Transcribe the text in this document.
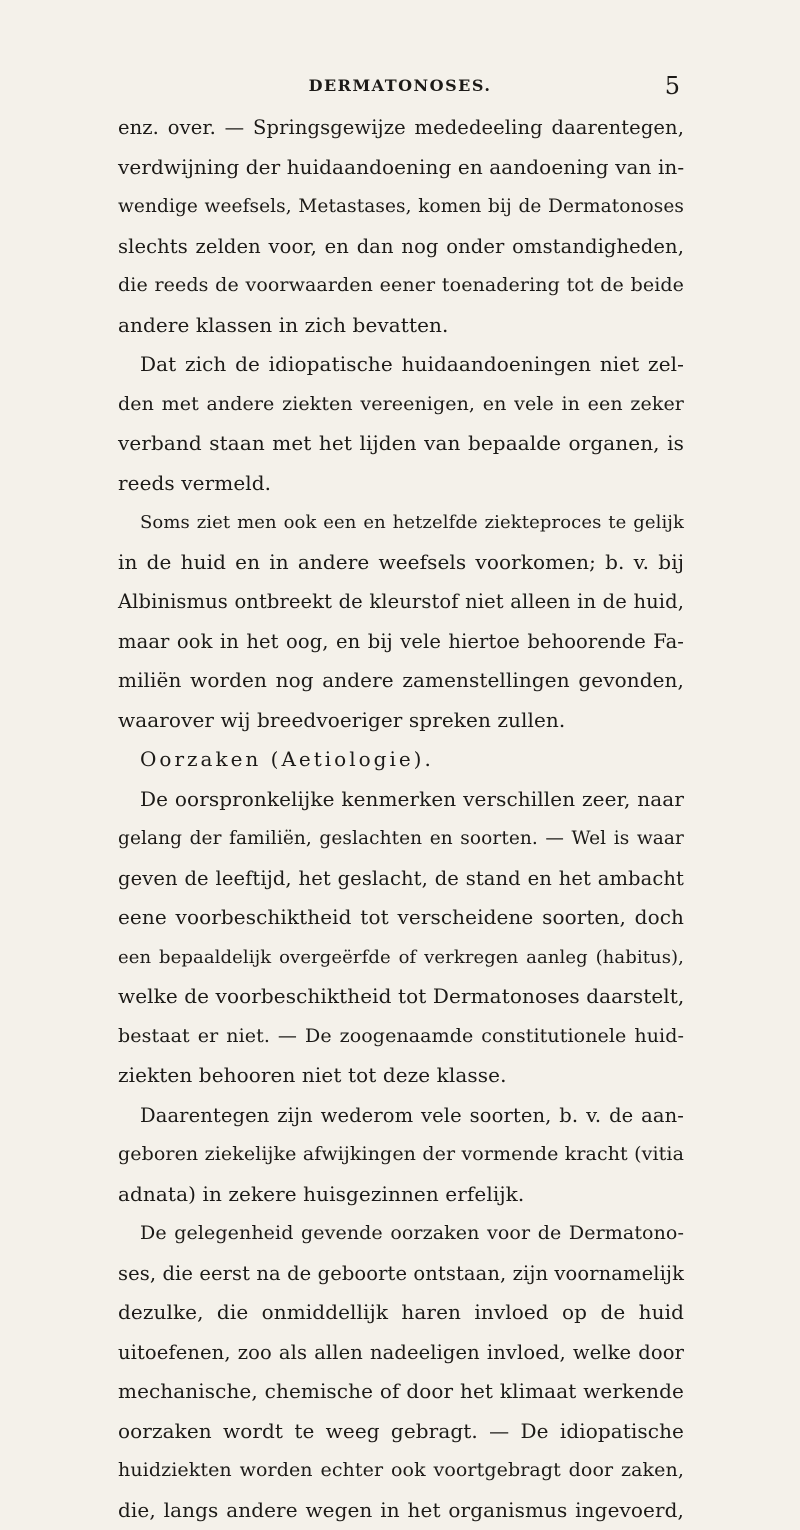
DERMATONOSES.	5
enz. over. — Springsgewijze mededeeling daarentegen,
verdwijning der huidaandoening en aandoening van in-
wendige weefsels, Metastases, komen bij de Dermatonoses
slechts zelden voor, en dan nog onder omstandigheden,
die reeds de voorwaarden eener toenadering tot de beide
andere klassen in zich bevatten.
Dat zich de idiopatische huidaandoeningen niet zel-
den met andere ziekten vereenigen, en vele in een zeker
verband staan met het lijden van bepaalde organen, is
reeds vermeld.
Soms ziet men ook een en hetzelfde ziekteproces te gelijk
in de huid en in andere weefsels voorkomen; b. v. bij
Albinismus ontbreekt de kleurstof niet alleen in de huid,
maar ook in het oog, en bij vele hiertoe behoorende Fa-
miliën worden nog andere zamenstellingen gevonden,
waarover wij breedvoeriger spreken zullen.
Oorzaken (Aetiologie).
De oorspronkelijke kenmerken verschillen zeer, naar
gelang der familiën, geslachten en soorten. — Wel is waar
geven de leeftijd, het geslacht, de stand en het ambacht
eene voorbeschiktheid tot verscheidene soorten, doch
een bepaaldelijk overgeërfde of verkregen aanleg (habitus),
welke de voorbeschiktheid tot Dermatonoses daarstelt,
bestaat er niet. — De zoogenaamde constitutionele huid-
ziekten behooren niet tot deze klasse.
Daarentegen zijn wederom vele soorten, b. v. de aan-
geboren ziekelijke afwijkingen der vormende kracht (vitia
adnata) in zekere huisgezinnen erfelijk.
De gelegenheid gevende oorzaken voor de Dermatono-
ses, die eerst na de geboorte ontstaan, zijn voornamelijk
dezulke, die onmiddellijk haren invloed op de huid
uitoefenen, zoo als allen nadeeligen invloed, welke door
mechanische, chemische of door het klimaat werkende
oorzaken wordt te weeg gebragt. — De idiopatische
huidziekten worden echter ook voortgebragt door zaken,
die, langs andere wegen in het organismus ingevoerd,
